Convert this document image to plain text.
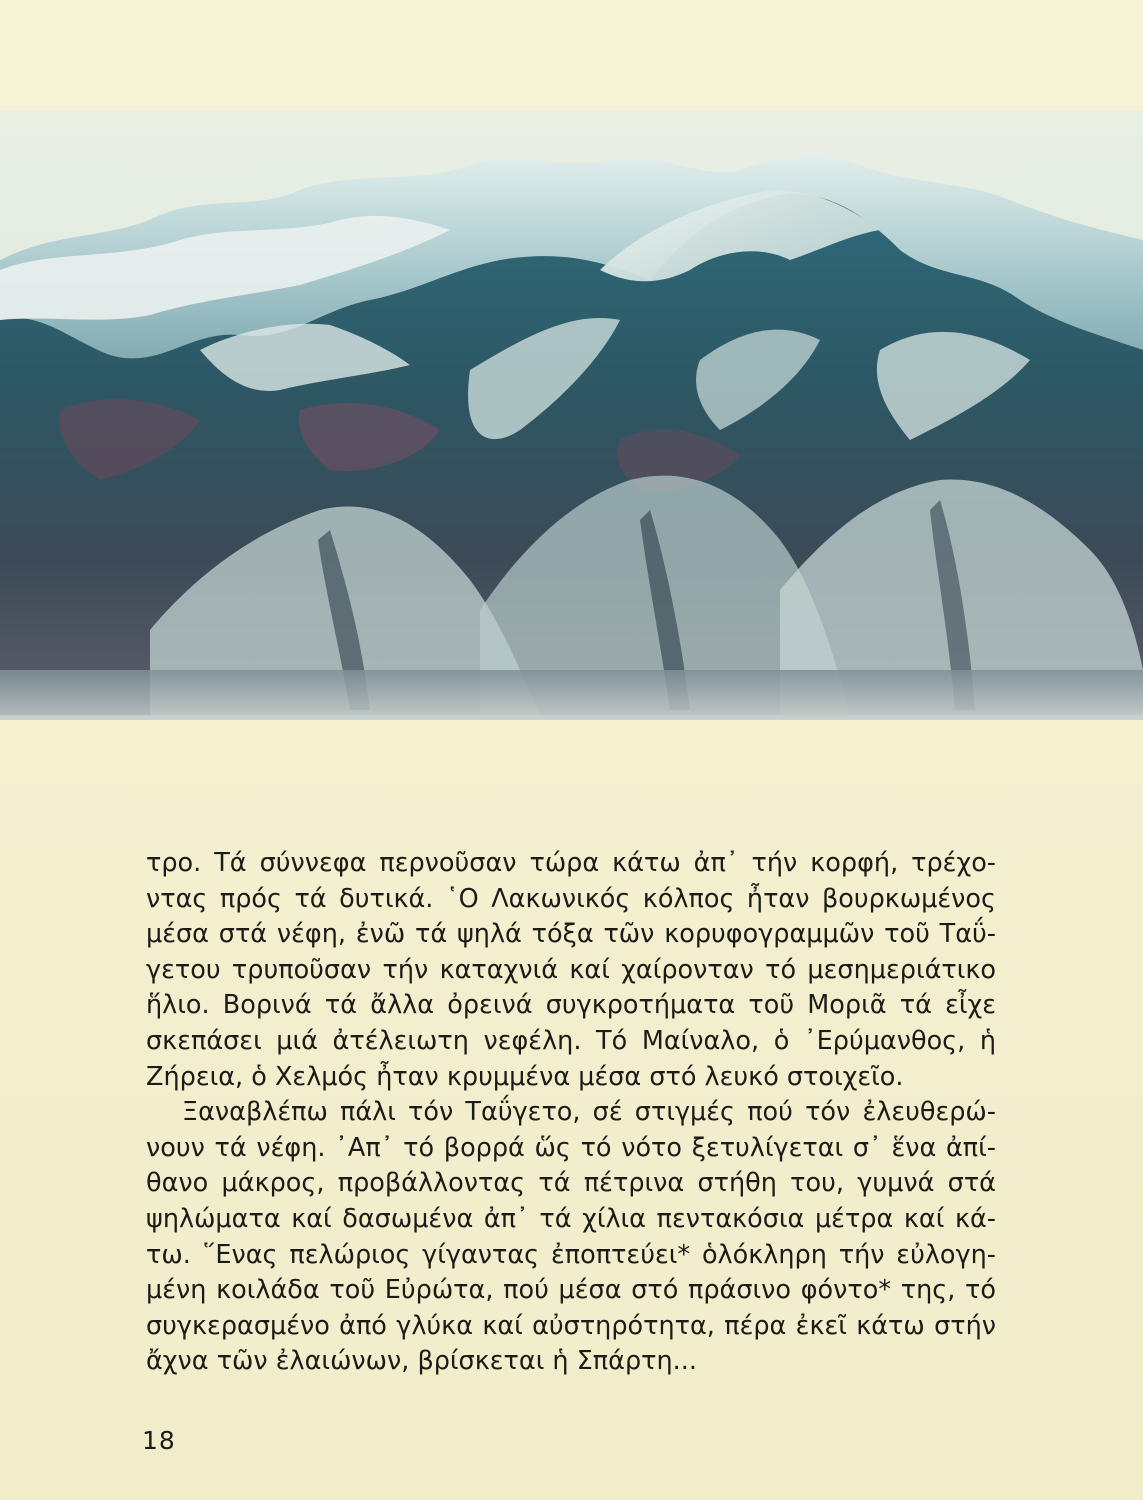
τρο. Τά σύννεφα περνοῦσαν τώρα κάτω ἀπ᾽ τήν κορφή, τρέχο-
ντας πρός τά δυτικά. ῾Ο Λακωνικός κόλπος ἦταν βουρκωμένος
μέσα στά νέφη, ἐνῶ τά ψηλά τόξα τῶν κορυφογραμμῶν τοῦ Ταΰ-
γετου τρυποῦσαν τήν καταχνιά καί χαίρονταν τό μεσημεριάτικο
ἥλιο. Βορινά τά ἄλλα ὀρεινά συγκροτήματα τοῦ Μοριᾶ τά εἶχε
σκεπάσει μιά ἀτέλειωτη νεφέλη. Τό Μαίναλο, ὁ ᾽Ερύμανθος, ἡ
Ζήρεια, ὁ Χελμός ἦταν κρυμμένα μέσα στό λευκό στοιχεῖο.

Ξαναβλέπω πάλι τόν Ταΰγετο, σέ στιγμές πού τόν ἐλευθερώ-
νουν τά νέφη. ᾽Απ᾽ τό βορρά ὥς τό νότο ξετυλίγεται σ᾽ ἕνα ἀπί-
θανο μάκρος, προβάλλοντας τά πέτρινα στήθη του, γυμνά στά
ψηλώματα καί δασωμένα ἀπ᾽ τά χίλια πεντακόσια μέτρα καί κά-
τω. ῞Ενας πελώριος γίγαντας ἐποπτεύει* ὁλόκληρη τήν εὐλογη-
μένη κοιλάδα τοῦ Εὐρώτα, πού μέσα στό πράσινο φόντο* της, τό
συγκερασμένο ἀπό γλύκα καί αὐστηρότητα, πέρα ἐκεῖ κάτω στήν
ἄχνα τῶν ἐλαιώνων, βρίσκεται ἡ Σπάρτη...

18
